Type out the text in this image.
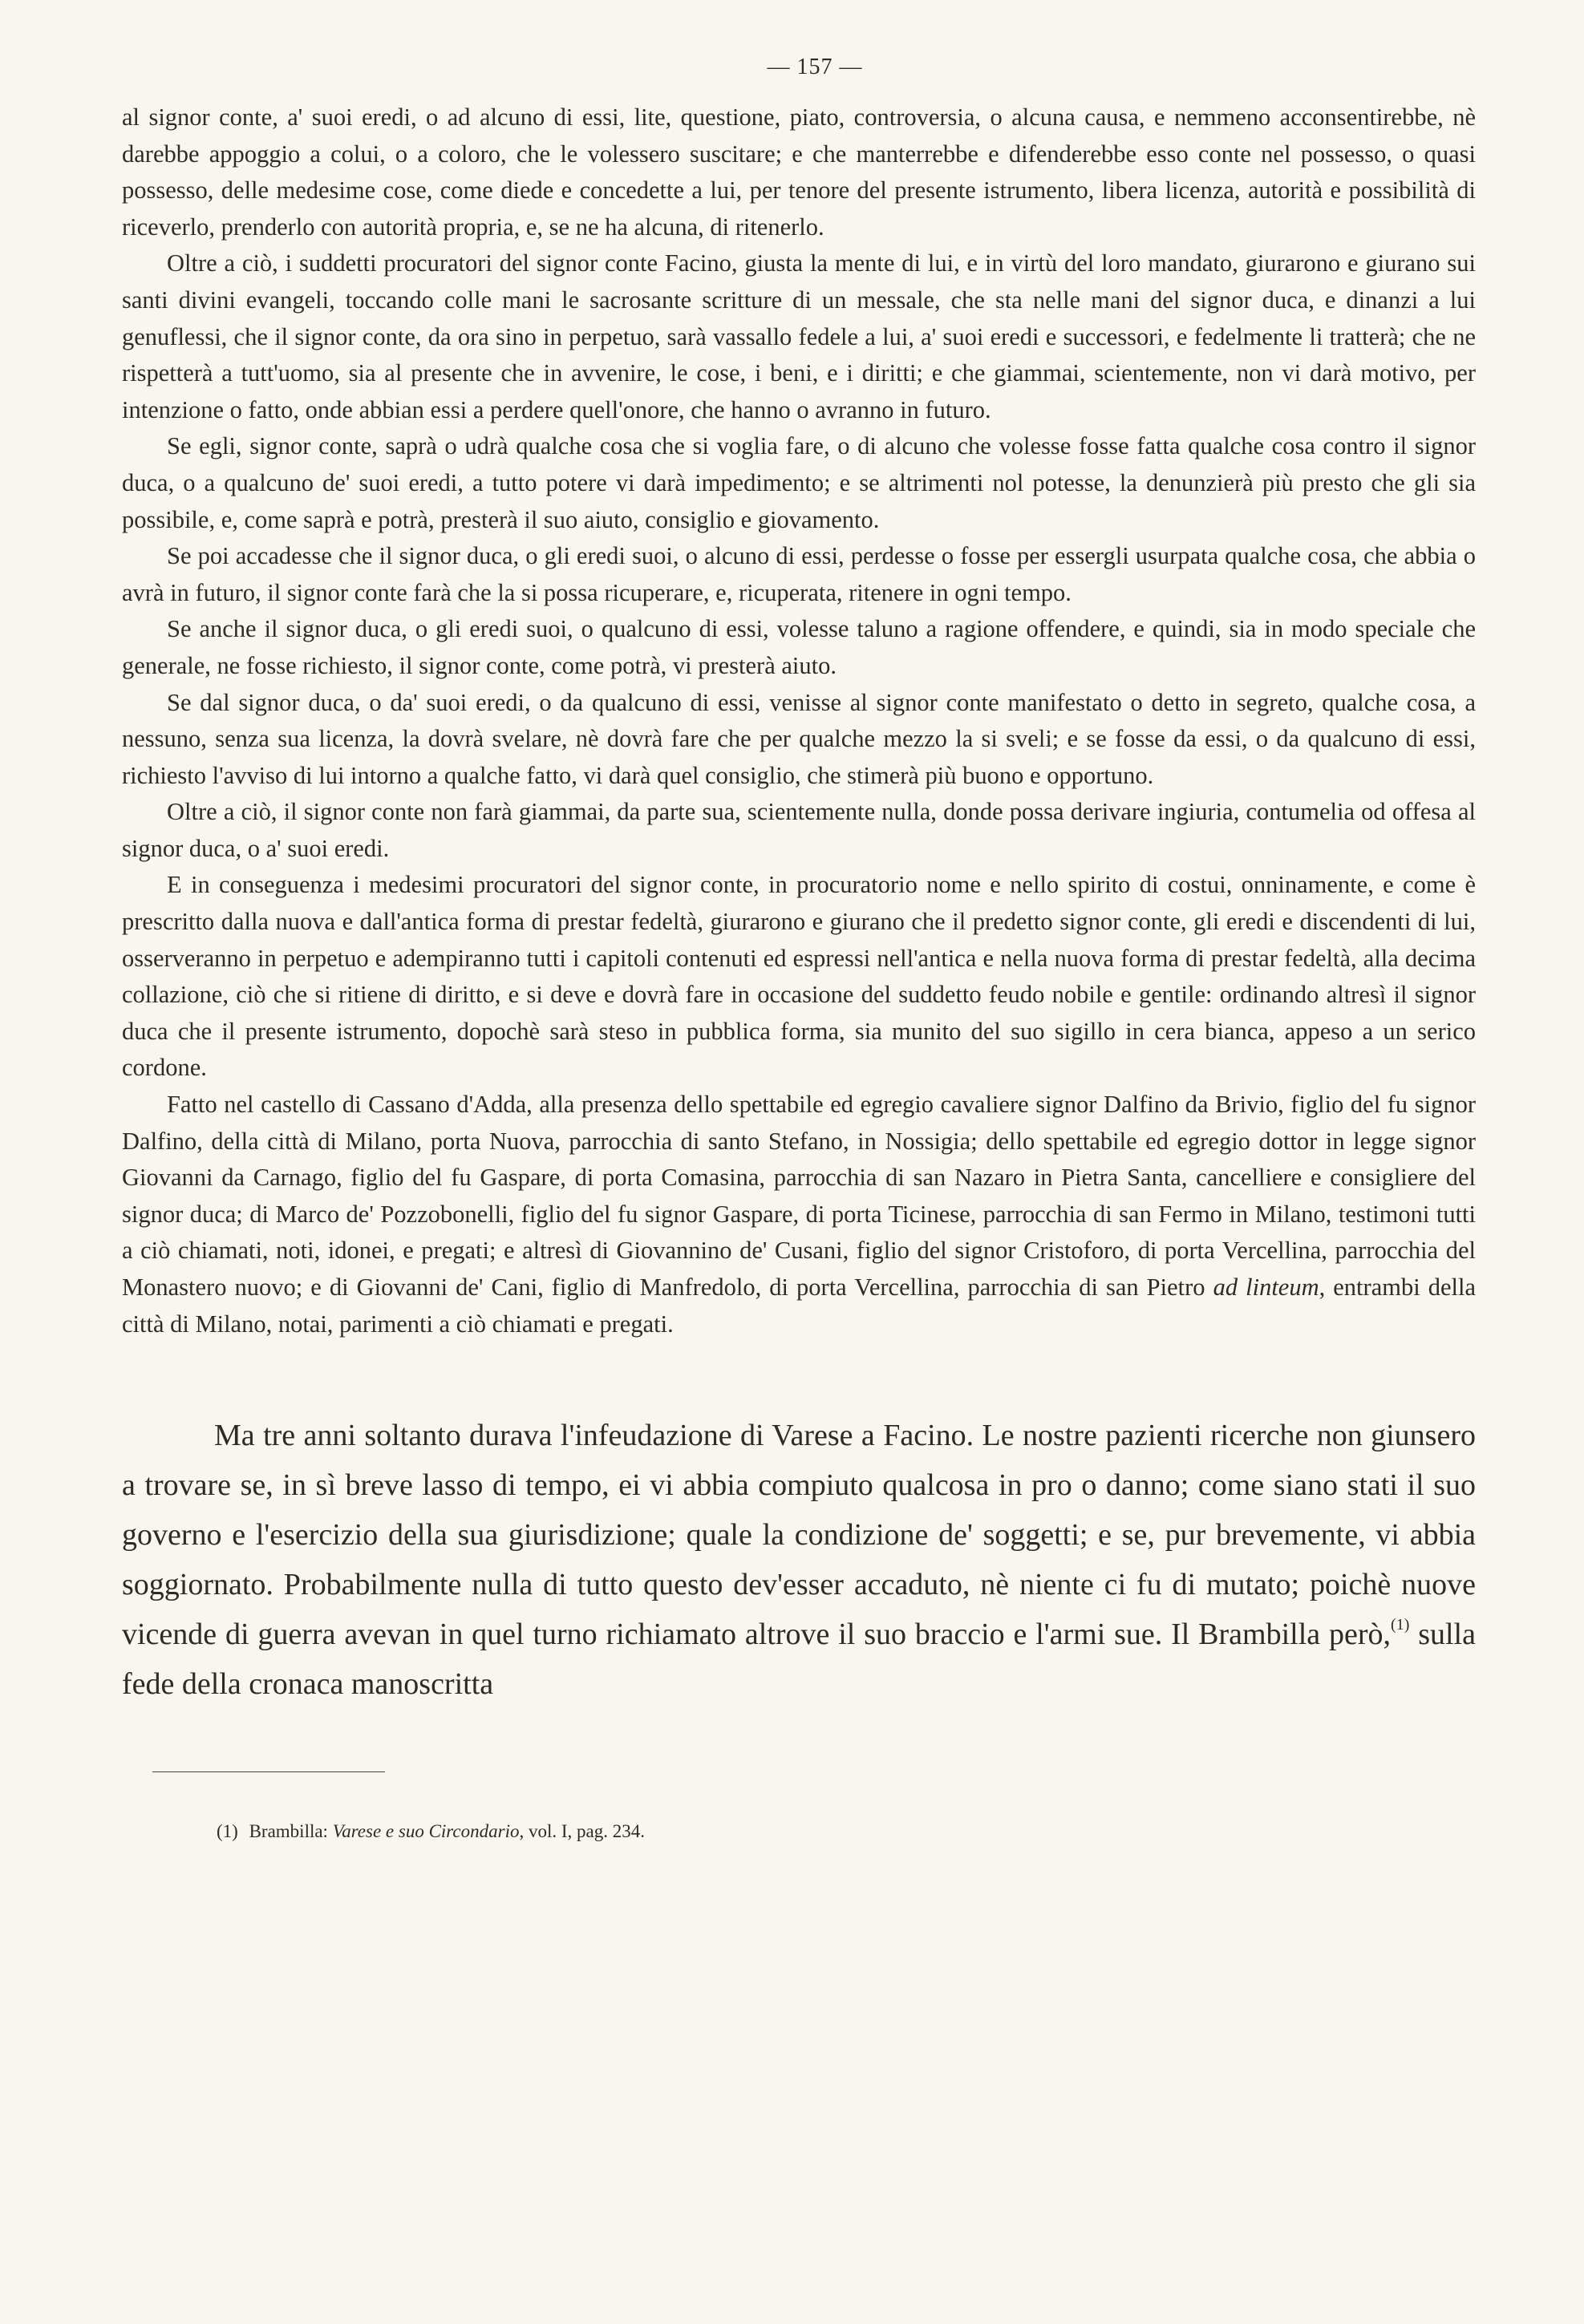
— 157 —

al signor conte, a' suoi eredi, o ad alcuno di essi, lite, questione, piato, controversia, o alcuna causa, e nemmeno acconsentirebbe, nè darebbe appoggio a colui, o a coloro, che le volessero suscitare; e che manterrebbe e difenderebbe esso conte nel possesso, o quasi possesso, delle medesime cose, come diede e concedette a lui, per tenore del presente istrumento, libera licenza, autorità e possibilità di riceverlo, prenderlo con autorità propria, e, se ne ha alcuna, di ritenerlo.

Oltre a ciò, i suddetti procuratori del signor conte Facino, giusta la mente di lui, e in virtù del loro mandato, giurarono e giurano sui santi divini evangeli, toccando colle mani le sacrosante scritture di un messale, che sta nelle mani del signor duca, e dinanzi a lui genuflessi, che il signor conte, da ora sino in perpetuo, sarà vassallo fedele a lui, a' suoi eredi e successori, e fedelmente li tratterà; che ne rispetterà a tutt'uomo, sia al presente che in avvenire, le cose, i beni, e i diritti; e che giammai, scientemente, non vi darà motivo, per intenzione o fatto, onde abbian essi a perdere quell'onore, che hanno o avranno in futuro.

Se egli, signor conte, saprà o udrà qualche cosa che si voglia fare, o di alcuno che volesse fosse fatta qualche cosa contro il signor duca, o a qualcuno de' suoi eredi, a tutto potere vi darà impedimento; e se altrimenti nol potesse, la denunzierà più presto che gli sia possibile, e, come saprà e potrà, presterà il suo aiuto, consiglio e giovamento.

Se poi accadesse che il signor duca, o gli eredi suoi, o alcuno di essi, perdesse o fosse per essergli usurpata qualche cosa, che abbia o avrà in futuro, il signor conte farà che la si possa ricuperare, e, ricuperata, ritenere in ogni tempo.

Se anche il signor duca, o gli eredi suoi, o qualcuno di essi, volesse taluno a ragione offendere, e quindi, sia in modo speciale che generale, ne fosse richiesto, il signor conte, come potrà, vi presterà aiuto.

Se dal signor duca, o da' suoi eredi, o da qualcuno di essi, venisse al signor conte manifestato o detto in segreto, qualche cosa, a nessuno, senza sua licenza, la dovrà svelare, nè dovrà fare che per qualche mezzo la si sveli; e se fosse da essi, o da qualcuno di essi, richiesto l'avviso di lui intorno a qualche fatto, vi darà quel consiglio, che stimerà più buono e opportuno.

Oltre a ciò, il signor conte non farà giammai, da parte sua, scientemente nulla, donde possa derivare ingiuria, contumelia od offesa al signor duca, o a' suoi eredi.

E in conseguenza i medesimi procuratori del signor conte, in procuratorio nome e nello spirito di costui, onninamente, e come è prescritto dalla nuova e dall'antica forma di prestar fedeltà, giurarono e giurano che il predetto signor conte, gli eredi e discendenti di lui, osserveranno in perpetuo e adempiranno tutti i capitoli contenuti ed espressi nell'antica e nella nuova forma di prestar fedeltà, alla decima collazione, ciò che si ritiene di diritto, e si deve e dovrà fare in occasione del suddetto feudo nobile e gentile: ordinando altresì il signor duca che il presente istrumento, dopochè sarà steso in pubblica forma, sia munito del suo sigillo in cera bianca, appeso a un serico cordone.

Fatto nel castello di Cassano d'Adda, alla presenza dello spettabile ed egregio cavaliere signor Dalfino da Brivio, figlio del fu signor Dalfino, della città di Milano, porta Nuova, parrocchia di santo Stefano, in Nossigia; dello spettabile ed egregio dottor in legge signor Giovanni da Carnago, figlio del fu Gaspare, di porta Comasina, parrocchia di san Nazaro in Pietra Santa, cancelliere e consigliere del signor duca; di Marco de' Pozzobonelli, figlio del fu signor Gaspare, di porta Ticinese, parrocchia di san Fermo in Milano, testimoni tutti a ciò chiamati, noti, idonei, e pregati; e altresì di Giovannino de' Cusani, figlio del signor Cristoforo, di porta Vercellina, parrocchia del Monastero nuovo; e di Giovanni de' Cani, figlio di Manfredolo, di porta Vercellina, parrocchia di san Pietro ad linteum, entrambi della città di Milano, notai, parimenti a ciò chiamati e pregati.

Ma tre anni soltanto durava l'infeudazione di Varese a Facino. Le nostre pazienti ricerche non giunsero a trovare se, in sì breve lasso di tempo, ei vi abbia compiuto qualcosa in pro o danno; come siano stati il suo governo e l'esercizio della sua giurisdizione; quale la condizione de' soggetti; e se, pur brevemente, vi abbia soggiornato. Probabilmente nulla di tutto questo dev'esser accaduto, nè niente ci fu di mutato; poichè nuove vicende di guerra avevan in quel turno richiamato altrove il suo braccio e l'armi sue. Il Brambilla però,$^{(1)}$ sulla fede della cronaca manoscritta

(1) Brambilla: Varese e suo Circondario, vol. I, pag. 234.
